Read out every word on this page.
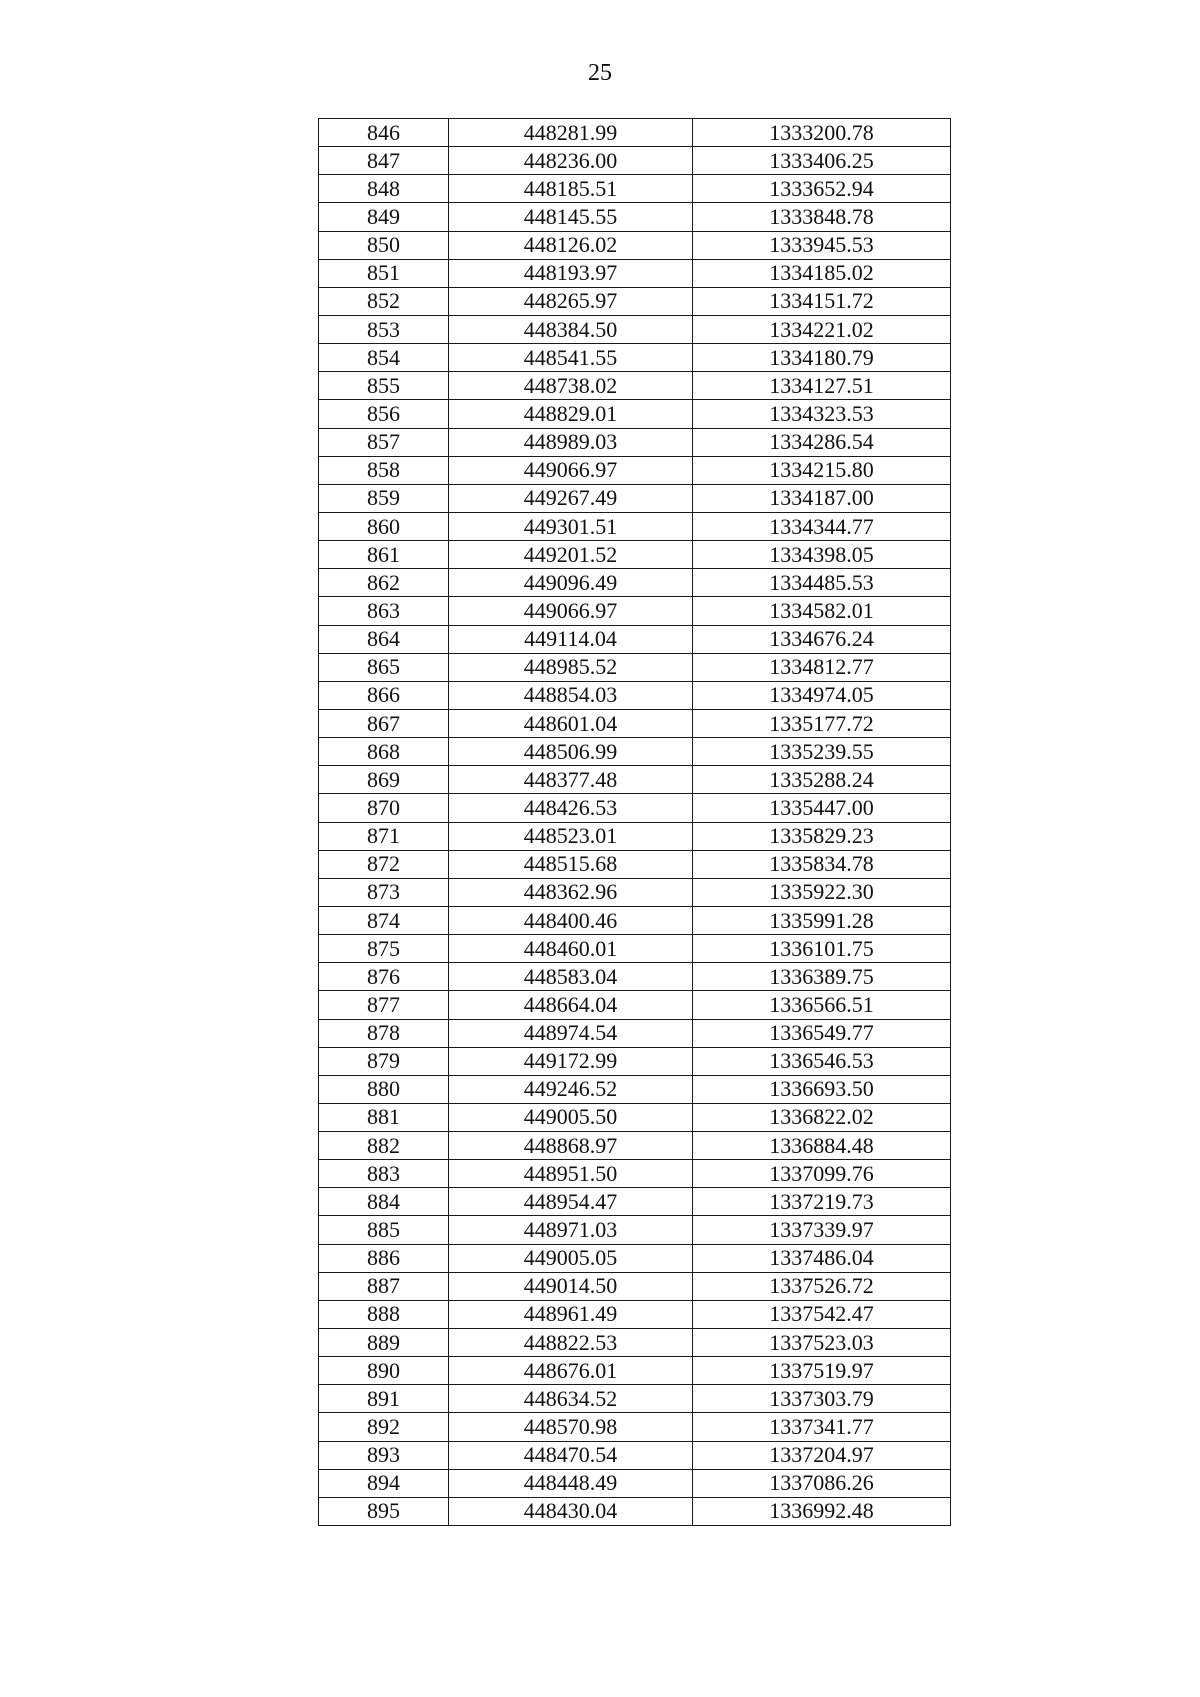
25
846	448281.99	1333200.78
847	448236.00	1333406.25
848	448185.51	1333652.94
849	448145.55	1333848.78
850	448126.02	1333945.53
851	448193.97	1334185.02
852	448265.97	1334151.72
853	448384.50	1334221.02
854	448541.55	1334180.79
855	448738.02	1334127.51
856	448829.01	1334323.53
857	448989.03	1334286.54
858	449066.97	1334215.80
859	449267.49	1334187.00
860	449301.51	1334344.77
861	449201.52	1334398.05
862	449096.49	1334485.53
863	449066.97	1334582.01
864	449114.04	1334676.24
865	448985.52	1334812.77
866	448854.03	1334974.05
867	448601.04	1335177.72
868	448506.99	1335239.55
869	448377.48	1335288.24
870	448426.53	1335447.00
871	448523.01	1335829.23
872	448515.68	1335834.78
873	448362.96	1335922.30
874	448400.46	1335991.28
875	448460.01	1336101.75
876	448583.04	1336389.75
877	448664.04	1336566.51
878	448974.54	1336549.77
879	449172.99	1336546.53
880	449246.52	1336693.50
881	449005.50	1336822.02
882	448868.97	1336884.48
883	448951.50	1337099.76
884	448954.47	1337219.73
885	448971.03	1337339.97
886	449005.05	1337486.04
887	449014.50	1337526.72
888	448961.49	1337542.47
889	448822.53	1337523.03
890	448676.01	1337519.97
891	448634.52	1337303.79
892	448570.98	1337341.77
893	448470.54	1337204.97
894	448448.49	1337086.26
895	448430.04	1336992.48
